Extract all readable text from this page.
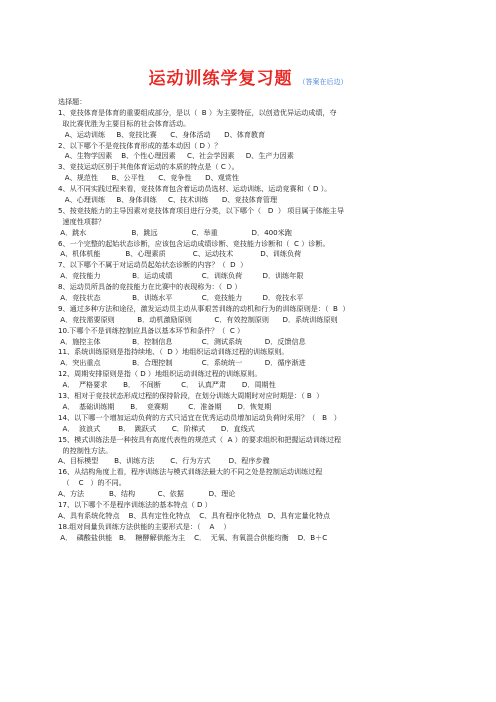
运动训练学复习题 （答案在后边）
选择题：
1、竞技体育是体育的重要组成部分，是以（  B ）为主要特征，以创造优异运动成绩，夺
取比赛优胜为主要目标的社会体育活动。
A、运动训练     B、竞技比赛      C、身体活动      D、体育教育
2、以下哪个不是竞技体育形成的基本动因（ D ）？
A、生物学因素    B、个性心理因素     C、社会学因素     D、生产力因素
3、竞技运动区别于其他体育运动的本质的特点是（ C ）。
A、规范性      B、公平性      C、竞争性      D、观赏性
4、从不同实践过程来看，竞技体育包含着运动员选材、运动训练、运动竞赛和（ D ）。
A、心理训练     B、身体训练     C、技术训练      D、竞技体育管理
5、按竞技能力的主导因素对竞技体育项目进行分类，以下哪个（   D  ） 项目属于体能主导
速度性项群？
A．跳水                    B．跳远               C．举重               D．400米跑
6、一个完整的起始状态诊断，应该包含运动成绩诊断、竞技能力诊断和（  C ）诊断。
A、机体机能           B、心理素质            C、运动技术            D、训练负荷
7、以下哪个不属于对运动员起始状态诊断的内容？（  D  ）
A．竞技能力              B．运动成绩             C．训练负荷         D．训练年限
8、运动员所具备的竞技能力在比赛中的表现称为：（  D ）
A．竞技状态              B．训练水平             C．竞技能力         D．竞技水平
9、通过多种方法和途径，激发运动员主动从事艰苦训练的动机和行为的训练原则是：（  B  ）
A．竞技需要原则          B．动机激励原则          C．有效控制原则      D．系统训练原则
10.下哪个不是训练控制应具备以基本环节和条件？（  C ）
A．施控主体              B．控制信息             C．测试系统          D．反馈信息
11、系统训练原则是指持续地、（  D ）地组织运动训练过程的训练原则。
A．突出重点              B．合理控制             C．系统统一          D．循序渐进
12、周期安排原则是指（ D ）地组织运动训练过程的训练原则。
A．  严格要求       B．  不间断         C．  认真严肃       D．周期性
13、相对于竞技状态形成过程的保持阶段，在划分训练大周期时对应时期是：（ B  ）
A．  基础训练期       B．  竞赛期         C．准备期       D．恢复期
14、以下哪一个增加运动负荷的方式只适宜在优秀运动员增加运动负荷时采用？（   B   ）
A．  波浪式        B．  跳跃式       C．阶梯式       D．直线式
15、模式训练法是一种按具有高度代表性的规范式（  A ）的要求组织和把握运动训练过程
的控制性方法。
A、目标模型       B、训练方法       C、行为方式        D、程序步骤
16、从结构角度上看，程序训练法与模式训练法最大的不同之处是控制运动训练过程
（    C   ）的不同。
A、方法           B、结构          C、依据           D、理论
17、以下哪个不是程序训练法的基本特点（ D ）
A、具有系统化特点    B、具有定性化特点    C、具有程序化特点   D、具有定量化特点
18.组对间量负训练方法供能的主要形式是：（    A    ）
A．  磷酸盐供能   B．  糖酵解供能为主    C．  无氧、有氧混合供能均衡    D．B＋C
